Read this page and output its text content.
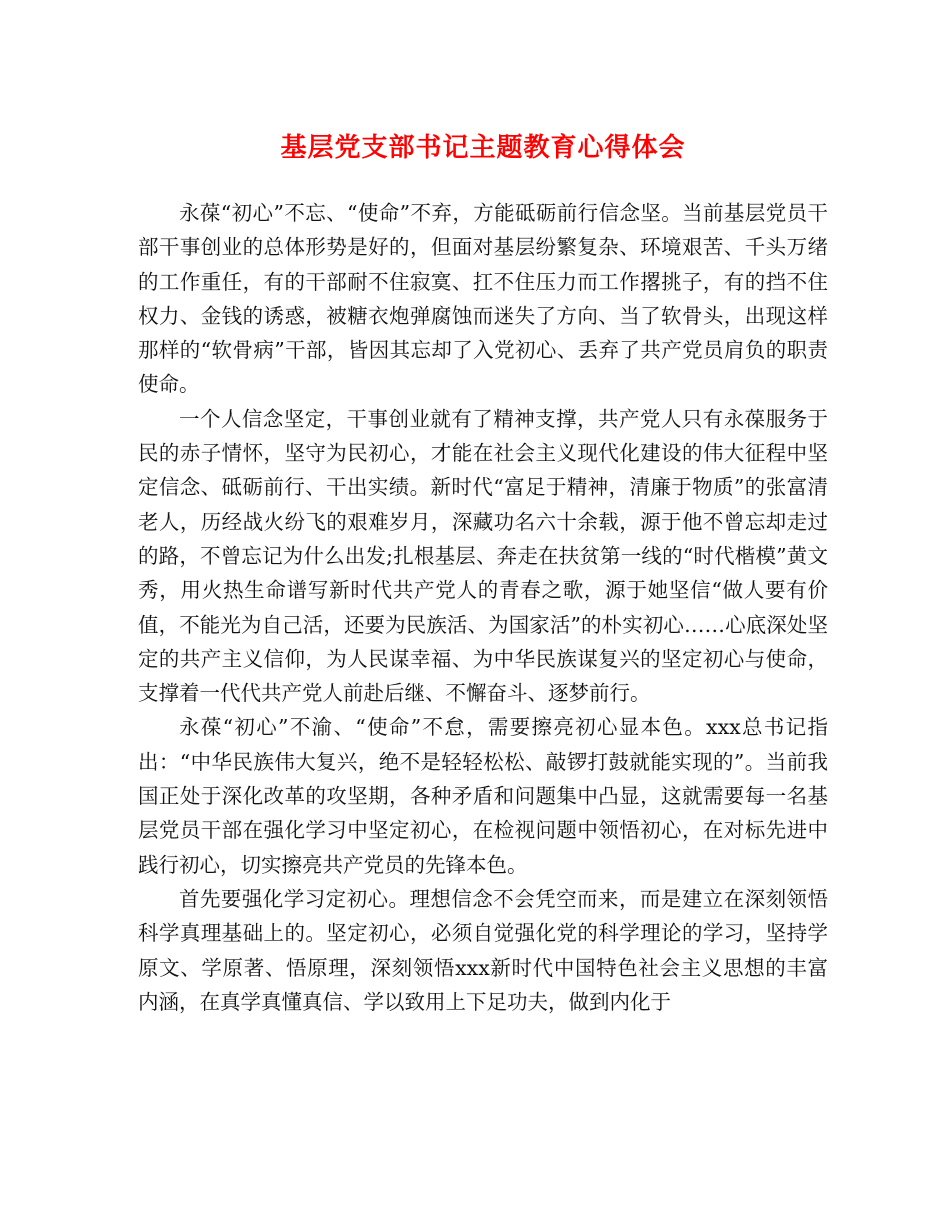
基层党支部书记主题教育心得体会

永葆“初心”不忘、“使命”不弃，方能砥砺前行信念坚。当前基层党员干部干事创业的总体形势是好的，但面对基层纷繁复杂、环境艰苦、千头万绪的工作重任，有的干部耐不住寂寞、扛不住压力而工作撂挑子，有的挡不住权力、金钱的诱惑，被糖衣炮弹腐蚀而迷失了方向、当了软骨头，出现这样那样的“软骨病”干部，皆因其忘却了入党初心、丢弃了共产党员肩负的职责使命。

一个人信念坚定，干事创业就有了精神支撑，共产党人只有永葆服务于民的赤子情怀，坚守为民初心，才能在社会主义现代化建设的伟大征程中坚定信念、砥砺前行、干出实绩。新时代“富足于精神，清廉于物质”的张富清老人，历经战火纷飞的艰难岁月，深藏功名六十余载，源于他不曾忘却走过的路，不曾忘记为什么出发;扎根基层、奔走在扶贫第一线的“时代楷模”黄文秀，用火热生命谱写新时代共产党人的青春之歌，源于她坚信“做人要有价值，不能光为自己活，还要为民族活、为国家活”的朴实初心……心底深处坚定的共产主义信仰，为人民谋幸福、为中华民族谋复兴的坚定初心与使命，支撑着一代代共产党人前赴后继、不懈奋斗、逐梦前行。

永葆“初心”不渝、“使命”不怠，需要擦亮初心显本色。xxx总书记指出：“中华民族伟大复兴，绝不是轻轻松松、敲锣打鼓就能实现的”。当前我国正处于深化改革的攻坚期，各种矛盾和问题集中凸显，这就需要每一名基层党员干部在强化学习中坚定初心，在检视问题中领悟初心，在对标先进中践行初心，切实擦亮共产党员的先锋本色。

首先要强化学习定初心。理想信念不会凭空而来，而是建立在深刻领悟科学真理基础上的。坚定初心，必须自觉强化党的科学理论的学习，坚持学原文、学原著、悟原理，深刻领悟xxx新时代中国特色社会主义思想的丰富内涵，在真学真懂真信、学以致用上下足功夫，做到内化于
